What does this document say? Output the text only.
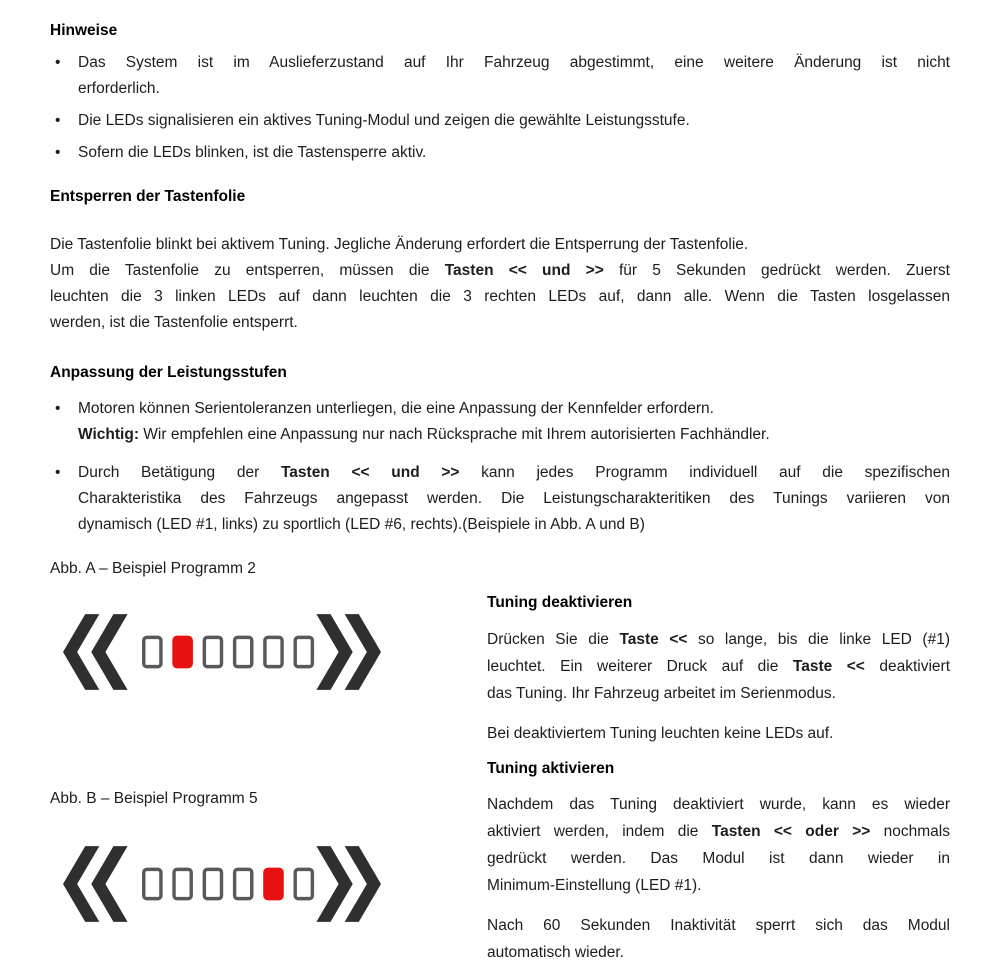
Hinweise
• Das System ist im Auslieferzustand auf Ihr Fahrzeug abgestimmt, eine weitere Änderung ist nicht
erforderlich.
• Die LEDs signalisieren ein aktives Tuning-Modul und zeigen die gewählte Leistungsstufe.
• Sofern die LEDs blinken, ist die Tastensperre aktiv.
Entsperren der Tastenfolie

Die Tastenfolie blinkt bei aktivem Tuning. Jegliche Änderung erfordert die Entsperrung der Tastenfolie.
Um die Tastenfolie zu entsperren, müssen die Tasten << und >> für 5 Sekunden gedrückt werden. Zuerst
leuchten die 3 linken LEDs auf dann leuchten die 3 rechten LEDs auf, dann alle. Wenn die Tasten losgelassen
werden, ist die Tastenfolie entsperrt.

Anpassung der Leistungsstufen
• Motoren können Serientoleranzen unterliegen, die eine Anpassung der Kennfelder erfordern.
Wichtig: Wir empfehlen eine Anpassung nur nach Rücksprache mit Ihrem autorisierten Fachhändler.
• Durch Betätigung der Tasten << und >> kann jedes Programm individuell auf die spezifischen
Charakteristika des Fahrzeugs angepasst werden. Die Leistungscharakteritiken des Tunings variieren von
dynamisch (LED #1, links) zu sportlich (LED #6, rechts).(Beispiele in Abb. A und B)

Abb. A – Beispiel Programm 2

Abb. B – Beispiel Programm 5

Tuning deaktivieren

Drücken Sie die Taste << so lange, bis die linke LED (#1)
leuchtet. Ein weiterer Druck auf die Taste << deaktiviert
das Tuning. Ihr Fahrzeug arbeitet im Serienmodus.

Bei deaktiviertem Tuning leuchten keine LEDs auf.

Tuning aktivieren

Nachdem das Tuning deaktiviert wurde, kann es wieder
aktiviert werden, indem die Tasten << oder >> nochmals
gedrückt werden. Das Modul ist dann wieder in
Minimum-Einstellung (LED #1).

Nach 60 Sekunden Inaktivität sperrt sich das Modul
automatisch wieder.
